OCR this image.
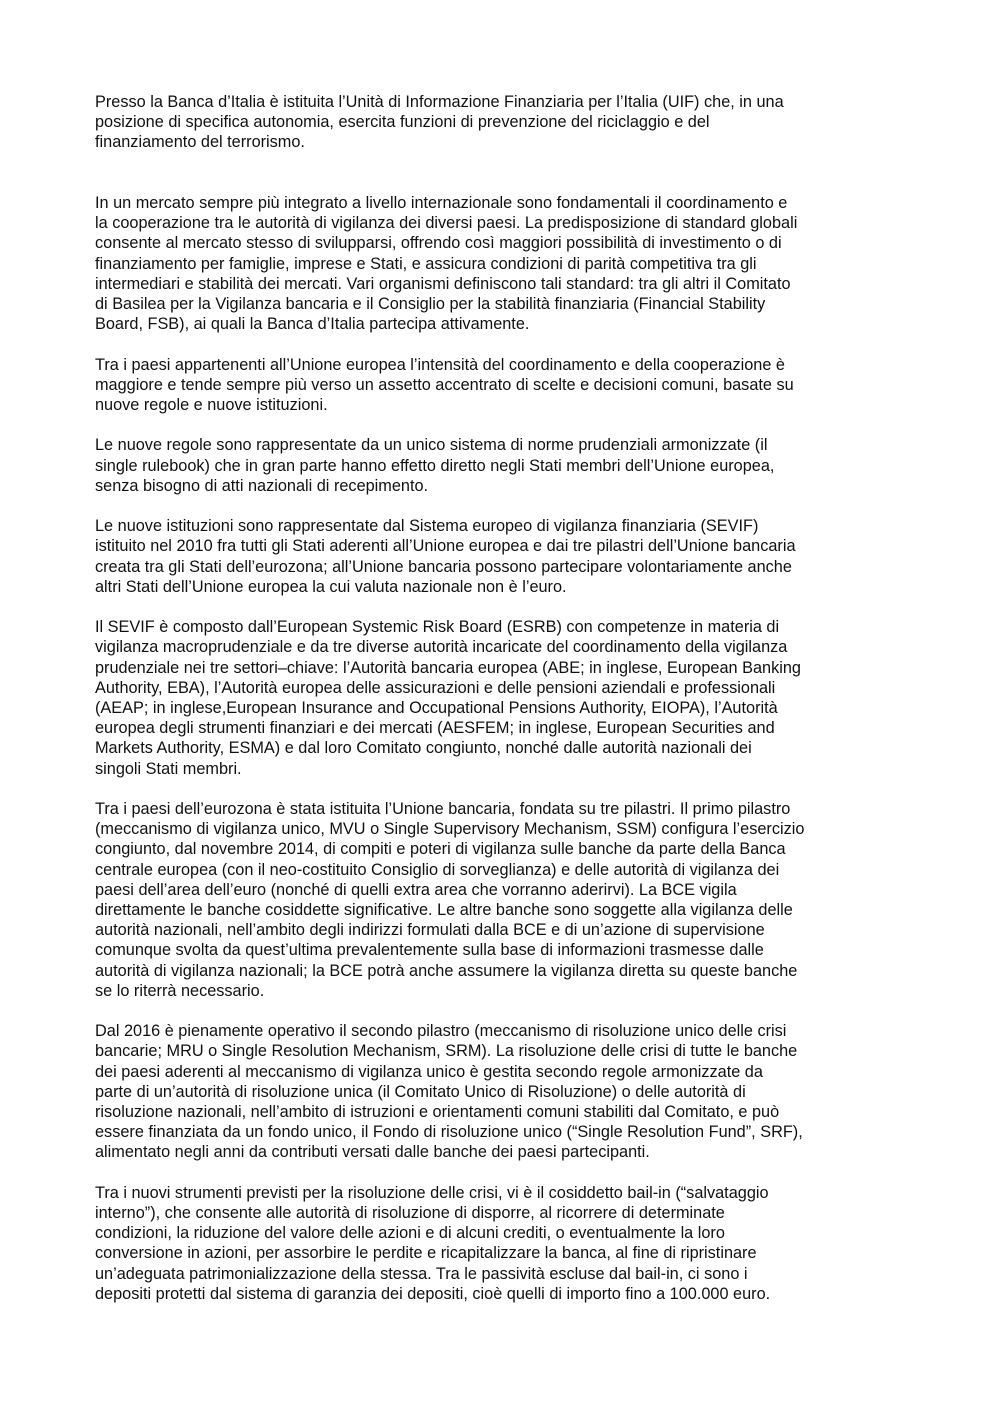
Presso la Banca d’Italia è istituita l’Unità di Informazione Finanziaria per l’Italia (UIF) che, in una
posizione di specifica autonomia, esercita funzioni di prevenzione del riciclaggio e del
finanziamento del terrorismo.

In un mercato sempre più integrato a livello internazionale sono fondamentali il coordinamento e
la cooperazione tra le autorità di vigilanza dei diversi paesi. La predisposizione di standard globali
consente al mercato stesso di svilupparsi, offrendo così maggiori possibilità di investimento o di
finanziamento per famiglie, imprese e Stati, e assicura condizioni di parità competitiva tra gli
intermediari e stabilità dei mercati. Vari organismi definiscono tali standard: tra gli altri il Comitato
di Basilea per la Vigilanza bancaria e il Consiglio per la stabilità finanziaria (Financial Stability
Board, FSB), ai quali la Banca d’Italia partecipa attivamente.

Tra i paesi appartenenti all’Unione europea l’intensità del coordinamento e della cooperazione è
maggiore e tende sempre più verso un assetto accentrato di scelte e decisioni comuni, basate su
nuove regole e nuove istituzioni.

Le nuove regole sono rappresentate da un unico sistema di norme prudenziali armonizzate (il
single rulebook) che in gran parte hanno effetto diretto negli Stati membri dell’Unione europea,
senza bisogno di atti nazionali di recepimento.

Le nuove istituzioni sono rappresentate dal Sistema europeo di vigilanza finanziaria (SEVIF)
istituito nel 2010 fra tutti gli Stati aderenti all’Unione europea e dai tre pilastri dell’Unione bancaria
creata tra gli Stati dell’eurozona; all’Unione bancaria possono partecipare volontariamente anche
altri Stati dell’Unione europea la cui valuta nazionale non è l’euro.

Il SEVIF è composto dall’European Systemic Risk Board (ESRB) con competenze in materia di
vigilanza macroprudenziale e da tre diverse autorità incaricate del coordinamento della vigilanza
prudenziale nei tre settori–chiave: l’Autorità bancaria europea (ABE; in inglese, European Banking
Authority, EBA), l’Autorità europea delle assicurazioni e delle pensioni aziendali e professionali
(AEAP; in inglese,European Insurance and Occupational Pensions Authority, EIOPA), l’Autorità
europea degli strumenti finanziari e dei mercati (AESFEM; in inglese, European Securities and
Markets Authority, ESMA) e dal loro Comitato congiunto, nonché dalle autorità nazionali dei
singoli Stati membri.

Tra i paesi dell’eurozona è stata istituita l’Unione bancaria, fondata su tre pilastri. Il primo pilastro
(meccanismo di vigilanza unico, MVU o Single Supervisory Mechanism, SSM) configura l’esercizio
congiunto, dal novembre 2014, di compiti e poteri di vigilanza sulle banche da parte della Banca
centrale europea (con il neo-costituito Consiglio di sorveglianza) e delle autorità di vigilanza dei
paesi dell’area dell’euro (nonché di quelli extra area che vorranno aderirvi). La BCE vigila
direttamente le banche cosiddette significative. Le altre banche sono soggette alla vigilanza delle
autorità nazionali, nell’ambito degli indirizzi formulati dalla BCE e di un’azione di supervisione
comunque svolta da quest’ultima prevalentemente sulla base di informazioni trasmesse dalle
autorità di vigilanza nazionali; la BCE potrà anche assumere la vigilanza diretta su queste banche
se lo riterrà necessario.

Dal 2016 è pienamente operativo il secondo pilastro (meccanismo di risoluzione unico delle crisi
bancarie; MRU o Single Resolution Mechanism, SRM). La risoluzione delle crisi di tutte le banche
dei paesi aderenti al meccanismo di vigilanza unico è gestita secondo regole armonizzate da
parte di un’autorità di risoluzione unica (il Comitato Unico di Risoluzione) o delle autorità di
risoluzione nazionali, nell’ambito di istruzioni e orientamenti comuni stabiliti dal Comitato, e può
essere finanziata da un fondo unico, il Fondo di risoluzione unico (“Single Resolution Fund”, SRF),
alimentato negli anni da contributi versati dalle banche dei paesi partecipanti.

Tra i nuovi strumenti previsti per la risoluzione delle crisi, vi è il cosiddetto bail-in (“salvataggio
interno”), che consente alle autorità di risoluzione di disporre, al ricorrere di determinate
condizioni, la riduzione del valore delle azioni e di alcuni crediti, o eventualmente la loro
conversione in azioni, per assorbire le perdite e ricapitalizzare la banca, al fine di ripristinare
un’adeguata patrimonializzazione della stessa. Tra le passività escluse dal bail-in, ci sono i
depositi protetti dal sistema di garanzia dei depositi, cioè quelli di importo fino a 100.000 euro.
